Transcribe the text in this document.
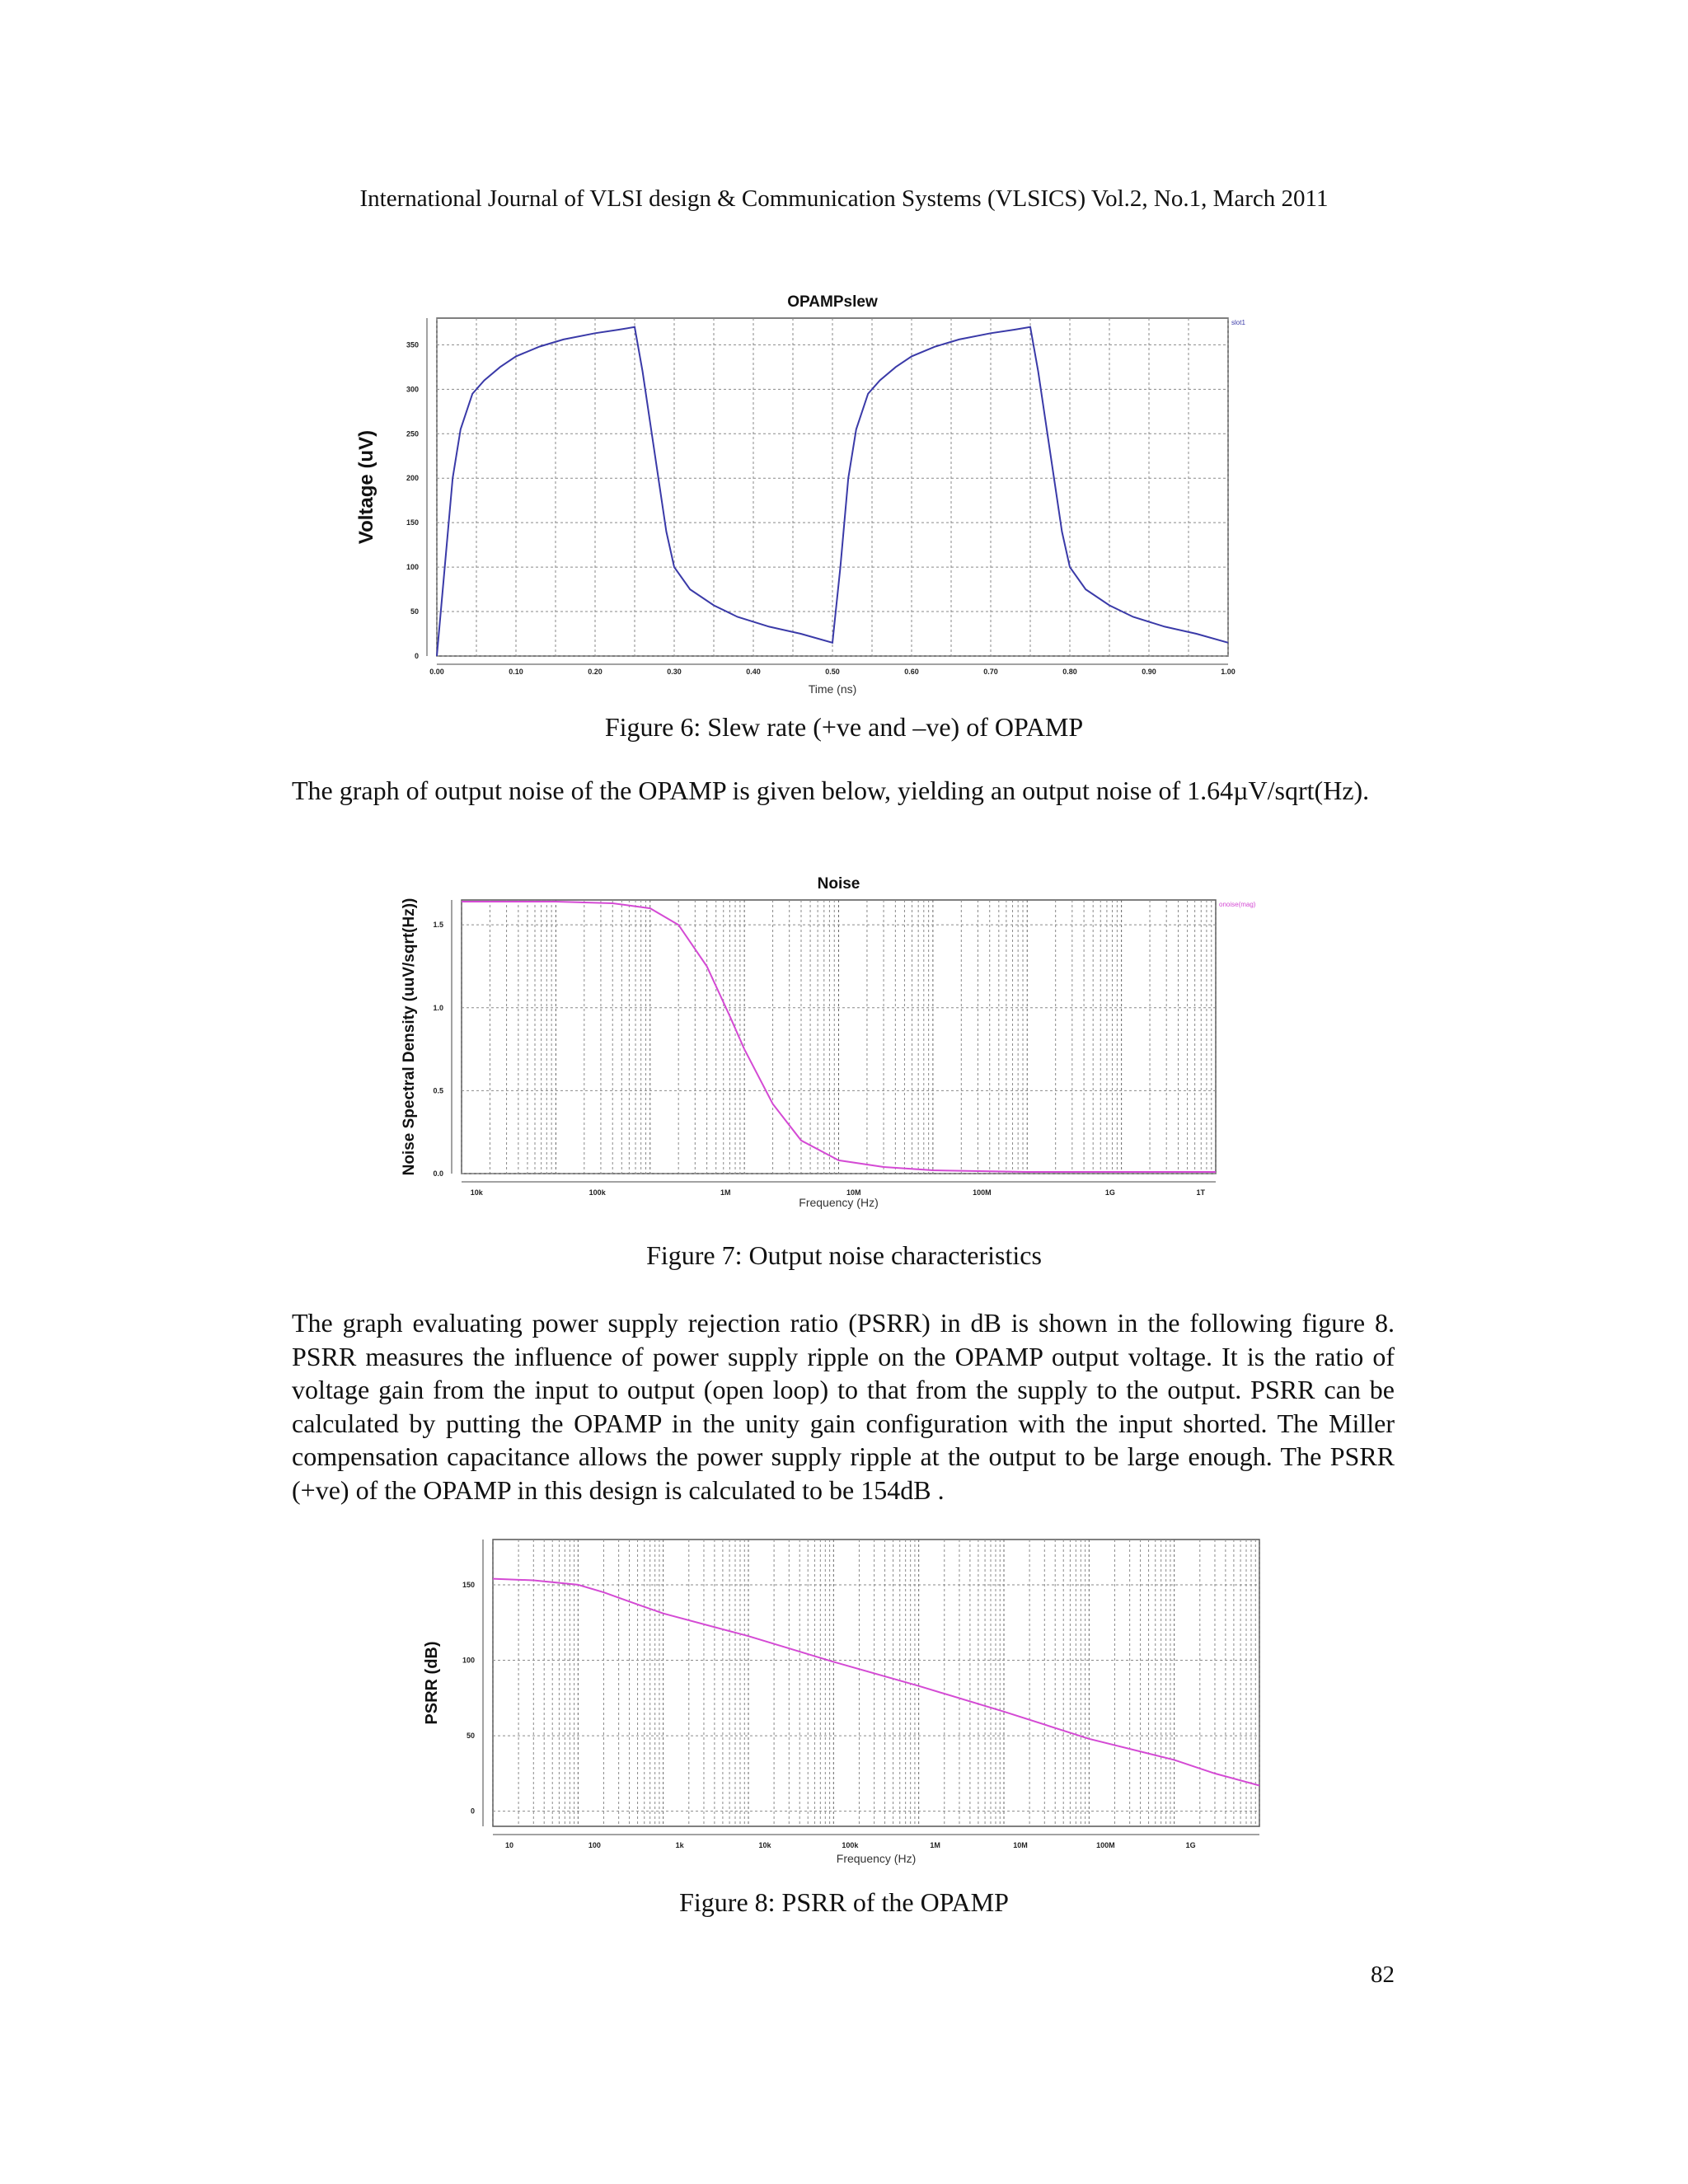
International Journal of VLSI design & Communication Systems (VLSICS) Vol.2, No.1, March 2011
0.00	0.10	0.20	0.30	0.40	0.50	0.60	0.70	0.80	0.90	1.00
0
50
100
150
200
250
300
350
OPAMPslew
Time (ns)
Voltage (uV)
slot1
Figure 6: Slew rate (+ve and –ve) of OPAMP
The graph of output noise of the OPAMP is given below, yielding an output noise of 1.64µV/sqrt(Hz).
10k	100k	1M	10M	100M	1G	1T
0.0
0.5
1.0
1.5
Noise
Frequency (Hz)
Noise Spectral Density (uuV/sqrt(Hz))	onoise(mag)
Figure 7: Output noise characteristics
The graph evaluating power supply rejection ratio (PSRR) in dB is shown in the following figure 8. PSRR measures the influence of power supply ripple on the OPAMP output voltage. It is the ratio of voltage gain from the input to output (open loop) to that from the supply to the output. PSRR can be calculated by putting the OPAMP in the unity gain configuration with the input shorted. The Miller compensation capacitance allows the power supply ripple at the output to be large enough. The PSRR (+ve) of the OPAMP in this design is calculated to be 154dB .
10	100	1k	10k	100k	1M	10M	100M	1G
0
50
100
150
Frequency (Hz)
PSRR (dB)
Figure 8: PSRR of the OPAMP
82
